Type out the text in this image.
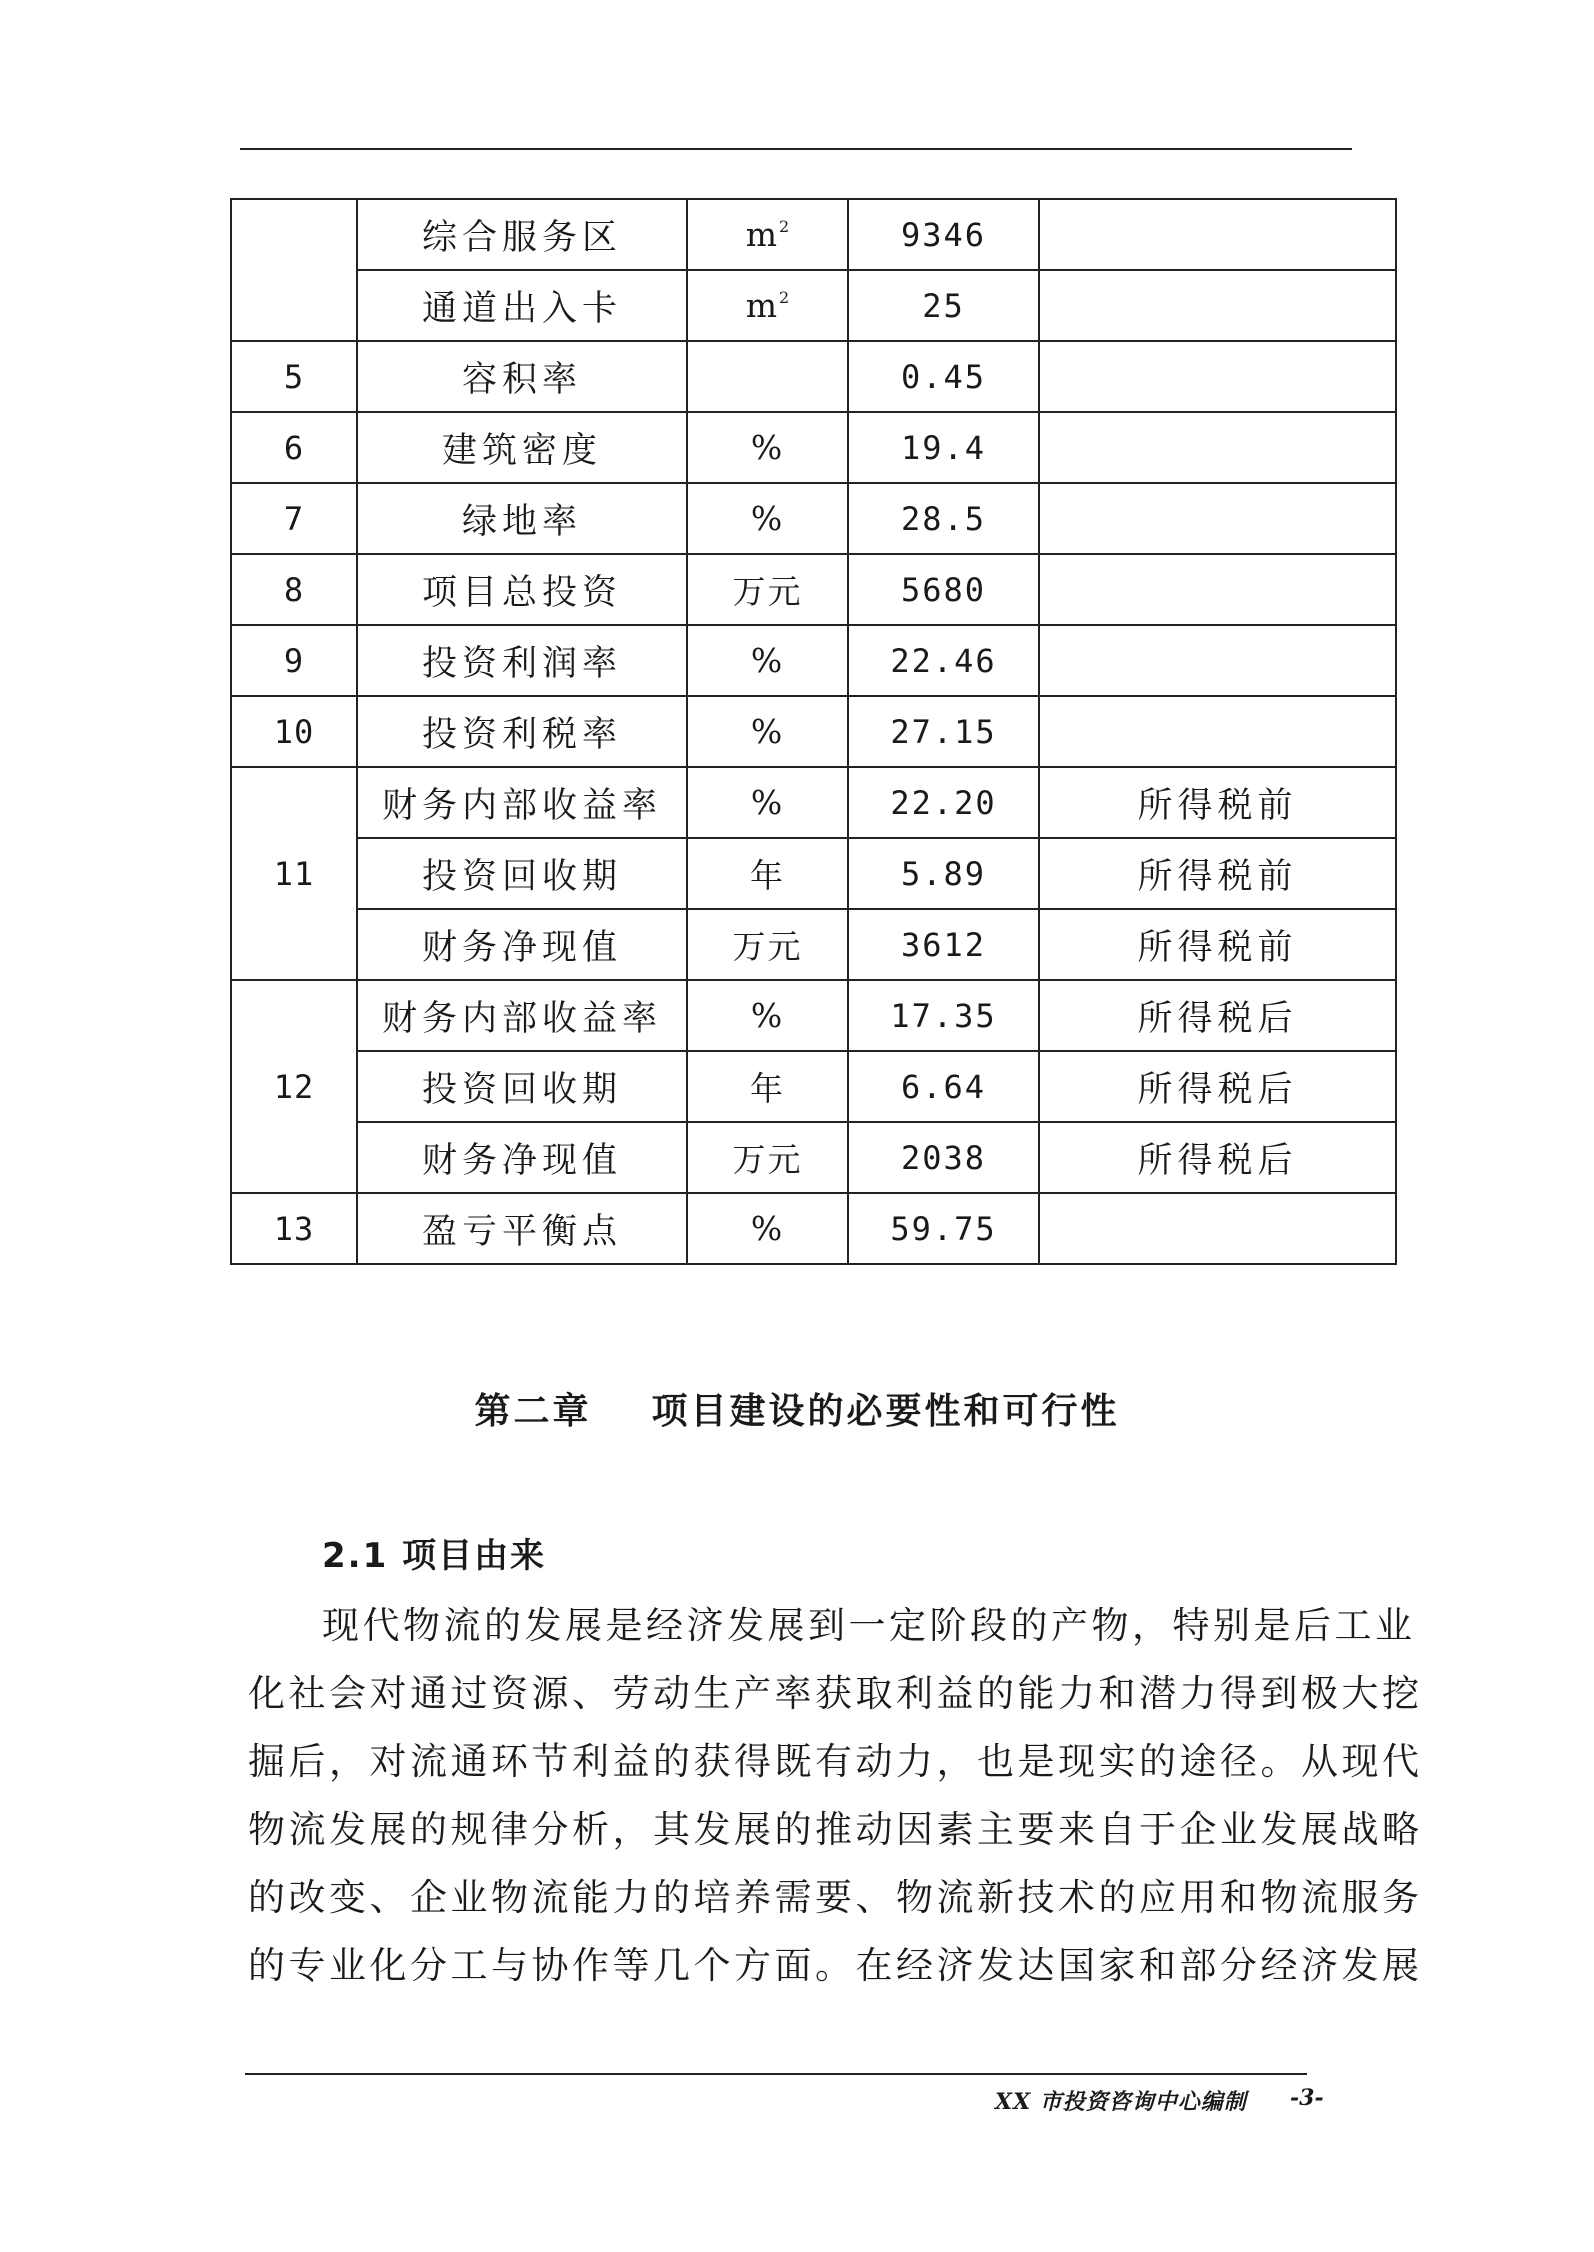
	综合服务区	$m^2$	9346	
	通道出入卡	$m^2$	25	
5	容积率		0.45	
6	建筑密度	%	19.4	
7	绿地率	%	28.5	
8	项目总投资	万元	5680	
9	投资利润率	%	22.46	
10	投资利税率	%	27.15	
11	财务内部收益率	%	22.20	所得税前
	投资回收期	年	5.89	所得税前
	财务净现值	万元	3612	所得税前
12	财务内部收益率	%	17.35	所得税后
	投资回收期	年	6.64	所得税后
	财务净现值	万元	2038	所得税后
13	盈亏平衡点	%	59.75	
第二章 项目建设的必要性和可行性
2.1 项目由来

现代物流的发展是经济发展到一定阶段的产物，特别是后工业

化社会对通过资源、劳动生产率获取利益的能力和潜力得到极大挖

掘后，对流通环节利益的获得既有动力，也是现实的途径。从现代

物流发展的规律分析，其发展的推动因素主要来自于企业发展战略

的改变、企业物流能力的培养需要、物流新技术的应用和物流服务

的专业化分工与协作等几个方面。在经济发达国家和部分经济发展

XX 市投资咨询中心编制 -3-
